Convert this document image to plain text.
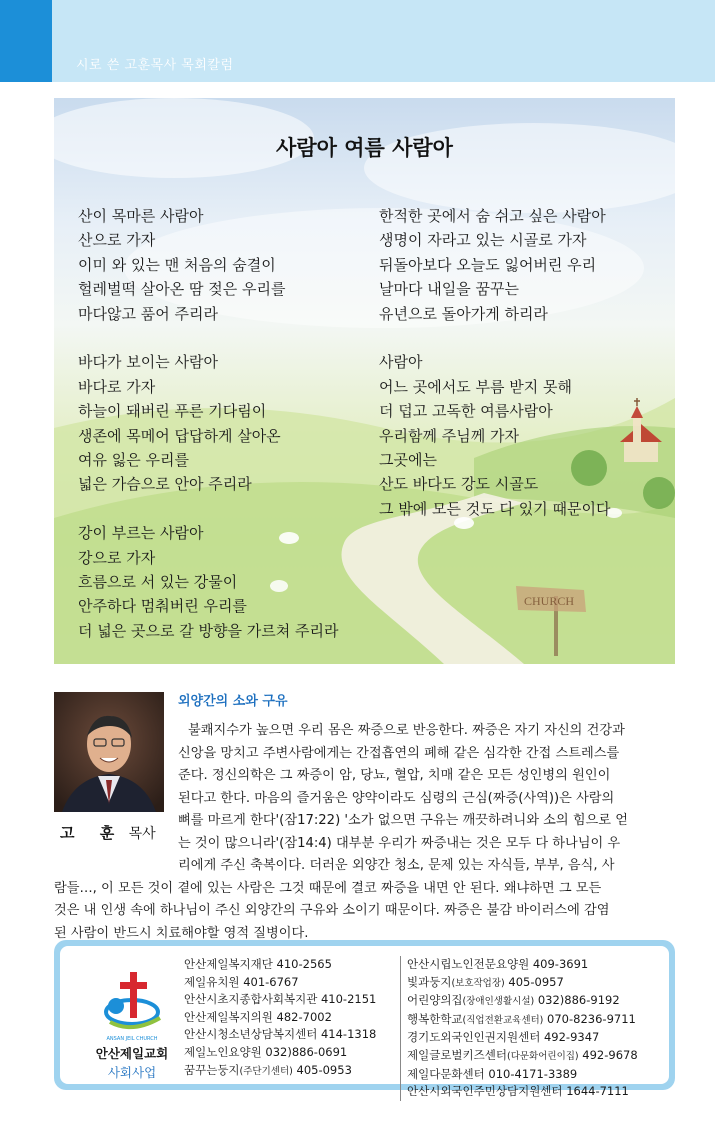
시로 쓴 고훈목사 목회칼럼
CHURCH
사람아 여름 사람아
산이 목마른 사람아
산으로 가자
이미 와 있는 맨 처음의 숨결이
헐레벌떡 살아온 땀 젖은 우리를
마다않고 품어 주리라
바다가 보이는 사람아
바다로 가자
하늘이 돼버린 푸른 기다림이
생존에 목메어 답답하게 살아온
여유 잃은 우리를
넓은 가슴으로 안아 주리라
강이 부르는 사람아
강으로 가자
흐름으로 서 있는 강물이
안주하다 멈춰버린 우리를
더 넓은 곳으로 갈 방향을 가르쳐 주리라
한적한 곳에서 숨 쉬고 싶은 사람아
생명이 자라고 있는 시골로 가자
뒤돌아보다 오늘도 잃어버린 우리
날마다 내일을 꿈꾸는
유년으로 돌아가게 하리라
사람아
어느 곳에서도 부름 받지 못해
더 덥고 고독한 여름사람아
우리함께 주님께 가자
그곳에는
산도 바다도 강도 시골도
그 밖에 모든 것도 다 있기 때문이다
고 훈 목사
외양간의 소와 구유
불쾌지수가 높으면 우리 몸은 짜증으로 반응한다. 짜증은 자기 자신의 건강과
신앙을 망치고 주변사람에게는 간접흡연의 폐해 같은 심각한 간접 스트레스를
준다. 정신의학은 그 짜증이 암, 당뇨, 혈압, 치매 같은 모든 성인병의 원인이
된다고 한다. 마음의 즐거움은 양약이라도 심령의 근심(짜증(사역))은 사람의
뼈를 마르게 한다'(잠17:22) '소가 없으면 구유는 깨끗하려니와 소의 힘으로 얻
는 것이 많으니라'(잠14:4) 대부분 우리가 짜증내는 것은 모두 다 하나님이 우
리에게 주신 축복이다. 더러운 외양간 청소, 문제 있는 자식들, 부부, 음식, 사
람들…, 이 모든 것이 곁에 있는 사람은 그것 때문에 결코 짜증을 내면 안 된다. 왜냐하면 그 모든
것은 내 인생 속에 하나님이 주신 외양간의 구유와 소이기 때문이다. 짜증은 불감 바이러스에 감염
된 사람이 반드시 치료해야할 영적 질병이다.
ANSAN JEIL CHURCH
안산제일교회
사회사업
안산제일복지재단 410-2565
제일유치원 401-6767
안산시초지종합사회복지관 410-2151
안산제일복지의원 482-7002
안산시청소년상담복지센터 414-1318
제일노인요양원 032)886-0691
꿈꾸는둥지(주단기센터) 405-0953
안산시립노인전문요양원 409-3691
빛과둥지(보호작업장) 405-0957
어린양의집(장애인생활시설) 032)886-9192
행복한학교(직업전환교육센터) 070-8236-9711
경기도외국인인권지원센터 492-9347
제일글로벌키즈센터(다문화어린이집) 492-9678
제일다문화센터 010-4171-3389
안산시외국인주민상담지원센터 1644-7111
